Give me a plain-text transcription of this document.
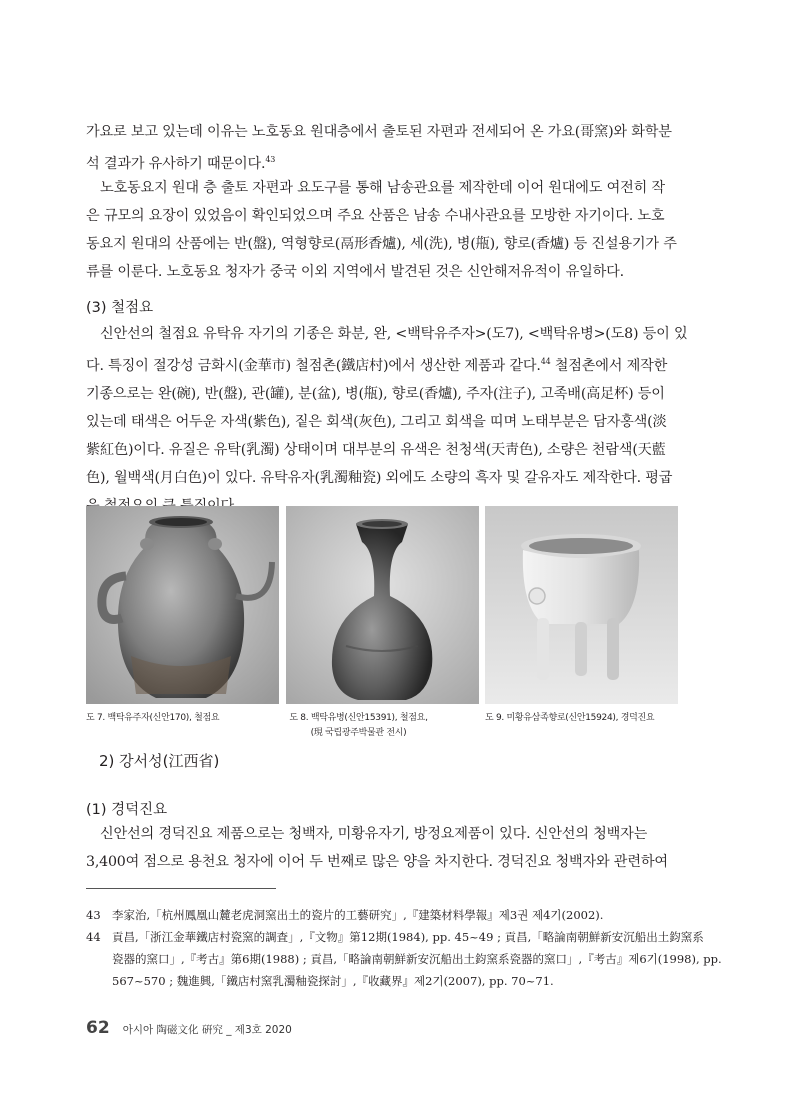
가요로 보고 있는데 이유는 노호동요 원대층에서 출토된 자편과 전세되어 온 가요(哥窯)와 화학분
석 결과가 유사하기 때문이다.$^{43}$

노호동요지 원대 층 출토 자편과 요도구를 통해 남송관요를 제작한데 이어 원대에도 여전히 작
은 규모의 요장이 있었음이 확인되었으며 주요 산품은 남송 수내사관요를 모방한 자기이다. 노호
동요지 원대의 산품에는 반(盤), 역형향로(鬲形香爐), 세(洗), 병(甁), 향로(香爐) 등 진설용기가 주
류를 이룬다. 노호동요 청자가 중국 이외 지역에서 발견된 것은 신안해저유적이 유일하다.

(3) 철점요

신안선의 철점요 유탁유 자기의 기종은 화분, 완, <백탁유주자>(도7), <백탁유병>(도8) 등이 있
다. 특징이 절강성 금화시(金華市) 철점촌(鐵店村)에서 생산한 제품과 같다.$^{44}$ 철점촌에서 제작한
기종으로는 완(碗), 반(盤), 관(罐), 분(盆), 병(甁), 향로(香爐), 주자(注子), 고족배(高足杯) 등이
있는데 태색은 어두운 자색(紫色), 짙은 회색(灰色), 그리고 회색을 띠며 노태부분은 담자홍색(淡
紫紅色)이다. 유질은 유탁(乳濁) 상태이며 대부분의 유색은 천청색(天靑色), 소량은 천람색(天藍
色), 월백색(月白色)이 있다. 유탁유자(乳濁釉瓷) 외에도 소량의 흑자 및 갈유자도 제작한다. 평굽

도 7. 백탁유주자(신안170), 철점요	도 8. 백탁유병(신안15391), 철점요,
(現 국립광주박물관 전시)
도 9. 미황유삼족향로(신안15924), 경덕진요
2) 강서성(江西省)
(1) 경덕진요

신안선의 경덕진요 제품으로는 청백자, 미황유자기, 방정요제품이 있다. 신안선의 청백자는
3,400여 점으로 용천요 청자에 이어 두 번째로 많은 양을 차지한다. 경덕진요 청백자와 관련하여

43 李家治,「杭州鳳凰山麓老虎洞窯出土的瓷片的工藝研究」,『建築材料學報』제3권 제4기(2002).
44 貢昌,「浙江金華鐵店村瓷窯的調査」,『文物』第12期(1984), pp. 45~49 ; 貢昌,「略論南朝鮮新安沉船出土鈞窯系
瓷器的窯口」,『考古』第6期(1988) ; 貢昌,「略論南朝鮮新安沉船出土鈞窯系瓷器的窯口」,『考古』제6기(1998), pp.
567~570 ; 魏進興,「鐵店村窯乳濁釉瓷探討」,『收藏界』제2기(2007), pp. 70~71.
62 아시아 陶磁文化 硏究 _ 제3호 2020
